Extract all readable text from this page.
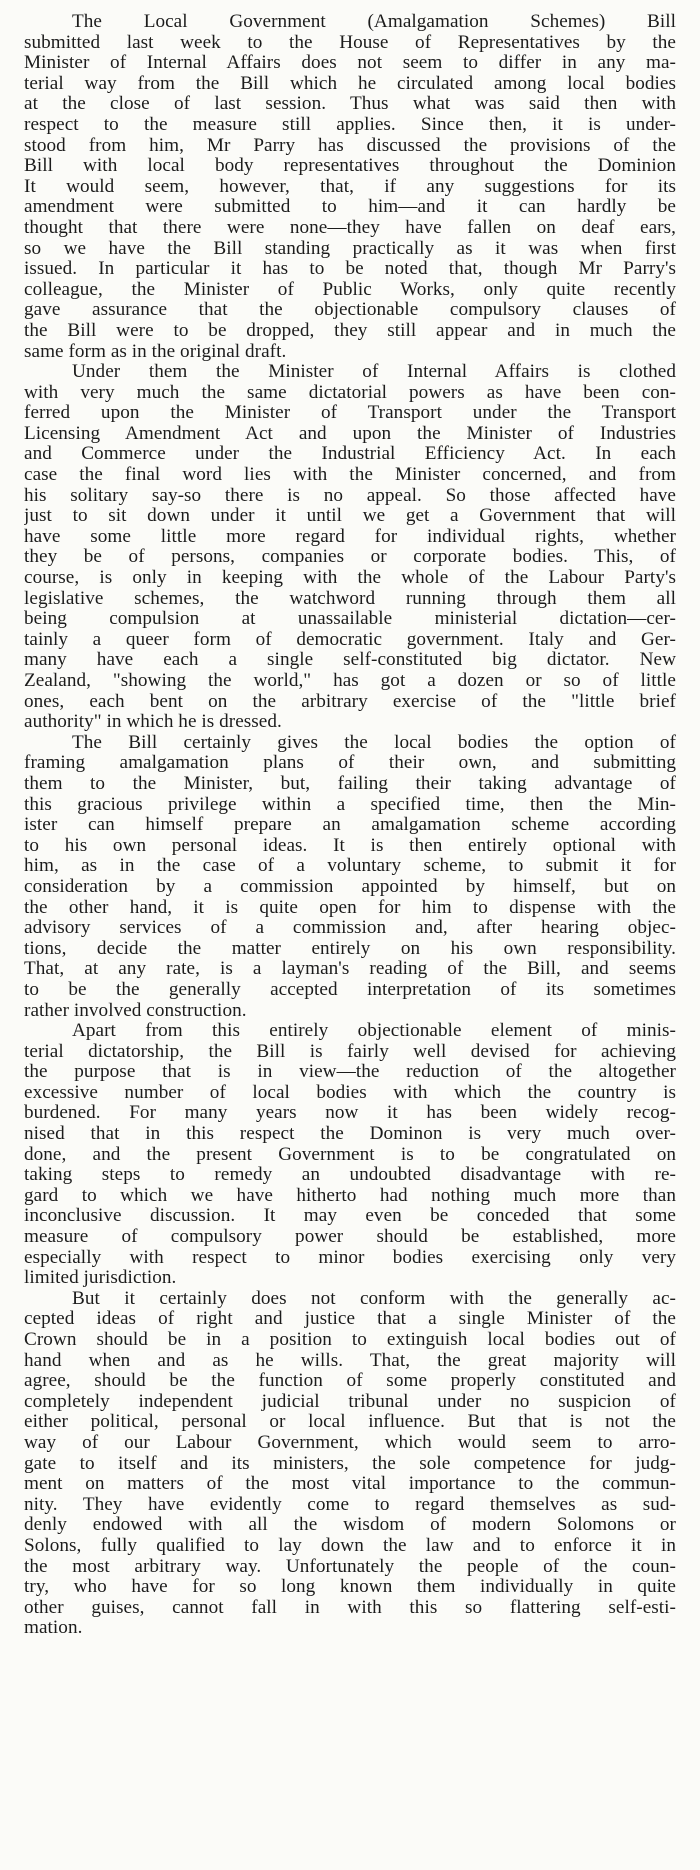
The Local Government (Amalgamation Schemes) Bill
submitted last week to the House of Representatives by the
Minister of Internal Affairs does not seem to differ in any ma-
terial way from the Bill which he circulated among local bodies
at the close of last session. Thus what was said then with
respect to the measure still applies. Since then, it is under-
stood from him, Mr Parry has discussed the provisions of the
Bill with local body representatives throughout the Dominion
It would seem, however, that, if any suggestions for its
amendment were submitted to him—and it can hardly be
thought that there were none—they have fallen on deaf ears,
so we have the Bill standing practically as it was when first
issued. In particular it has to be noted that, though Mr Parry's
colleague, the Minister of Public Works, only quite recently
gave assurance that the objectionable compulsory clauses of
the Bill were to be dropped, they still appear and in much the
same form as in the original draft.
Under them the Minister of Internal Affairs is clothed
with very much the same dictatorial powers as have been con-
ferred upon the Minister of Transport under the Transport
Licensing Amendment Act and upon the Minister of Industries
and Commerce under the Industrial Efficiency Act. In each
case the final word lies with the Minister concerned, and from
his solitary say-so there is no appeal. So those affected have
just to sit down under it until we get a Government that will
have some little more regard for individual rights, whether
they be of persons, companies or corporate bodies. This, of
course, is only in keeping with the whole of the Labour Party's
legislative schemes, the watchword running through them all
being compulsion at unassailable ministerial dictation—cer-
tainly a queer form of democratic government. Italy and Ger-
many have each a single self-constituted big dictator. New
Zealand, "showing the world," has got a dozen or so of little
ones, each bent on the arbitrary exercise of the "little brief
authority" in which he is dressed.
The Bill certainly gives the local bodies the option of
framing amalgamation plans of their own, and submitting
them to the Minister, but, failing their taking advantage of
this gracious privilege within a specified time, then the Min-
ister can himself prepare an amalgamation scheme according
to his own personal ideas. It is then entirely optional with
him, as in the case of a voluntary scheme, to submit it for
consideration by a commission appointed by himself, but on
the other hand, it is quite open for him to dispense with the
advisory services of a commission and, after hearing objec-
tions, decide the matter entirely on his own responsibility.
That, at any rate, is a layman's reading of the Bill, and seems
to be the generally accepted interpretation of its sometimes
rather involved construction.
Apart from this entirely objectionable element of minis-
terial dictatorship, the Bill is fairly well devised for achieving
the purpose that is in view—the reduction of the altogether
excessive number of local bodies with which the country is
burdened. For many years now it has been widely recog-
nised that in this respect the Dominon is very much over-
done, and the present Government is to be congratulated on
taking steps to remedy an undoubted disadvantage with re-
gard to which we have hitherto had nothing much more than
inconclusive discussion. It may even be conceded that some
measure of compulsory power should be established, more
especially with respect to minor bodies exercising only very
limited jurisdiction.
But it certainly does not conform with the generally ac-
cepted ideas of right and justice that a single Minister of the
Crown should be in a position to extinguish local bodies out of
hand when and as he wills. That, the great majority will
agree, should be the function of some properly constituted and
completely independent judicial tribunal under no suspicion of
either political, personal or local influence. But that is not the
way of our Labour Government, which would seem to arro-
gate to itself and its ministers, the sole competence for judg-
ment on matters of the most vital importance to the commun-
nity. They have evidently come to regard themselves as sud-
denly endowed with all the wisdom of modern Solomons or
Solons, fully qualified to lay down the law and to enforce it in
the most arbitrary way. Unfortunately the people of the coun-
try, who have for so long known them individually in quite
other guises, cannot fall in with this so flattering self-esti-
mation.
